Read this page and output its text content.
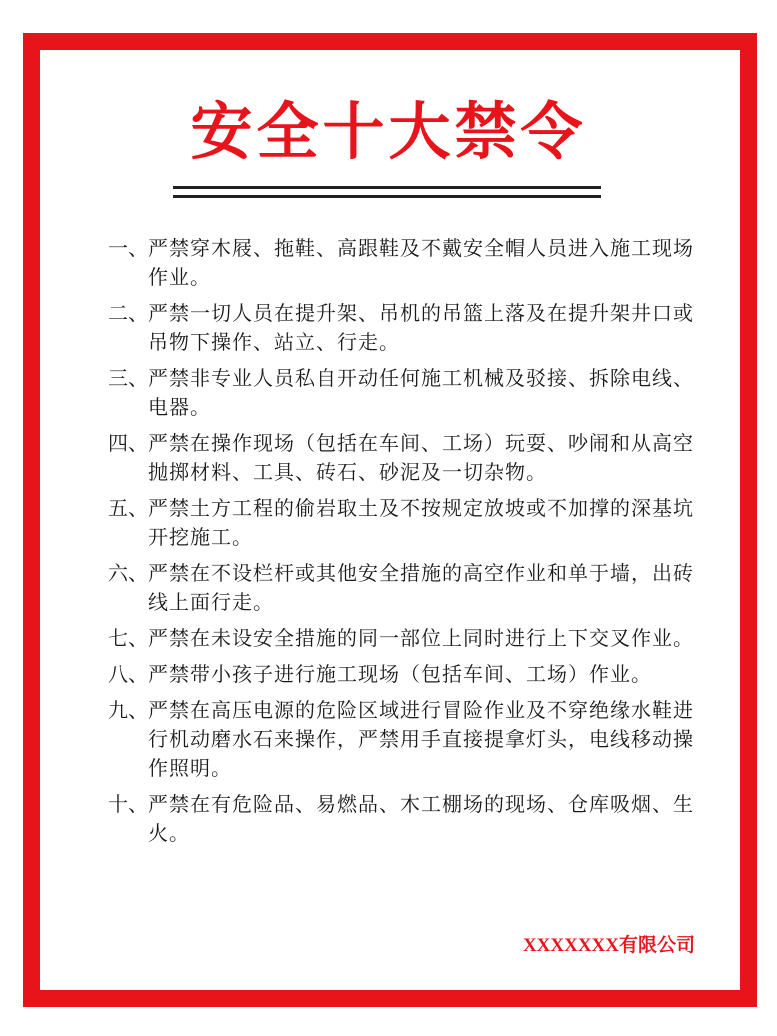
安全十大禁令
一、 严禁穿木屐、拖鞋、高跟鞋及不戴安全帽人员进入施工现场作业。
二、 严禁一切人员在提升架、吊机的吊篮上落及在提升架井口或吊物下操作、站立、行走。
三、 严禁非专业人员私自开动任何施工机械及驳接、拆除电线、电器。
四、 严禁在操作现场（包括在车间、工场）玩耍、吵闹和从高空抛掷材料、工具、砖石、砂泥及一切杂物。
五、 严禁土方工程的偷岩取土及不按规定放坡或不加撑的深基坑开挖施工。
六、 严禁在不设栏杆或其他安全措施的高空作业和单于墙，出砖线上面行走。
七、 严禁在未设安全措施的同一部位上同时进行上下交叉作业。
八、 严禁带小孩子进行施工现场（包括车间、工场）作业。
九、 严禁在高压电源的危险区域进行冒险作业及不穿绝缘水鞋进行机动磨水石来操作，严禁用手直接提拿灯头，电线移动操作照明。
十、 严禁在有危险品、易燃品、木工棚场的现场、仓库吸烟、生火。
XXXXXXX有限公司
